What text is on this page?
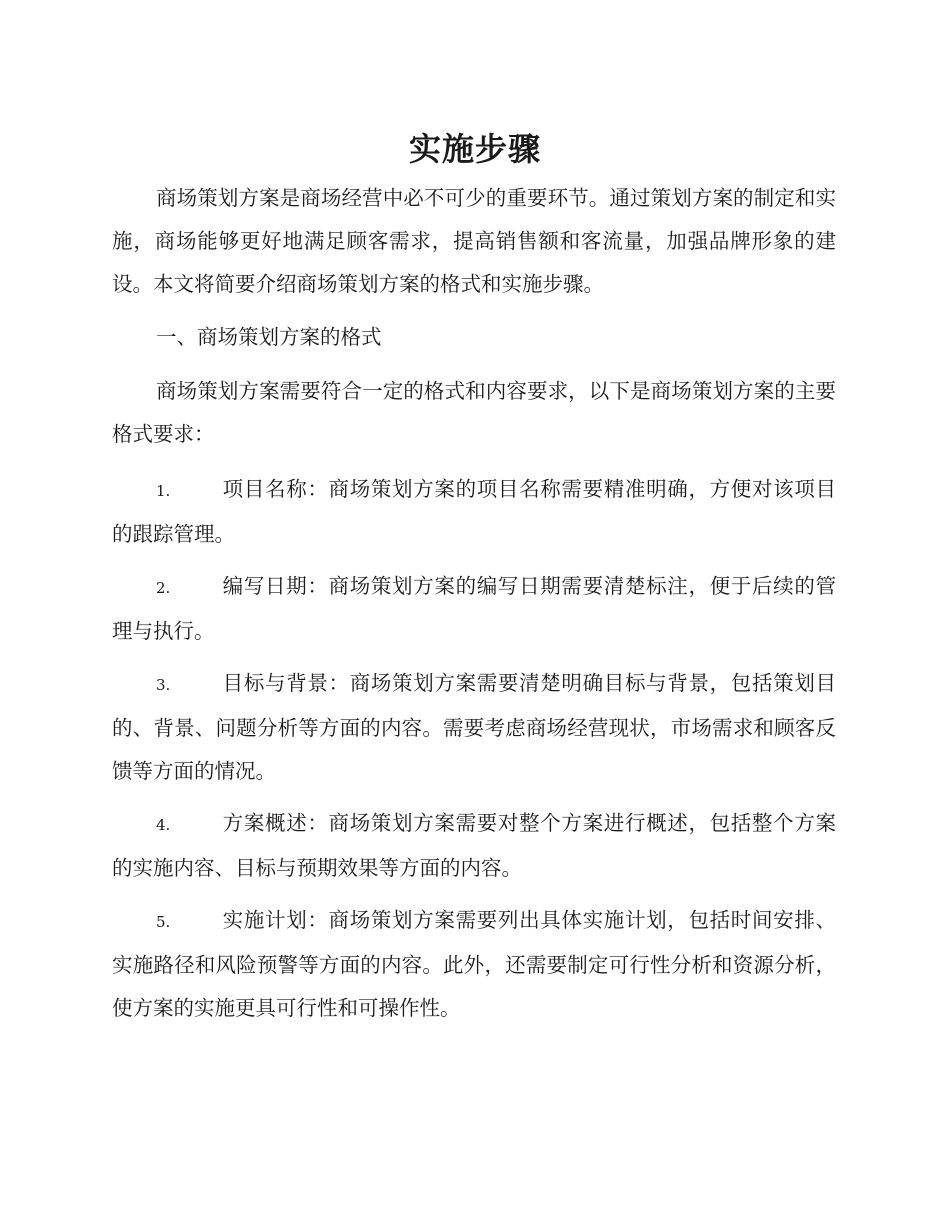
实施步骤

商场策划方案是商场经营中必不可少的重要环节。通过策划方案的制定和实施，商场能够更好地满足顾客需求，提高销售额和客流量，加强品牌形象的建设。本文将简要介绍商场策划方案的格式和实施步骤。

一、商场策划方案的格式

商场策划方案需要符合一定的格式和内容要求，以下是商场策划方案的主要格式要求：

1.	项目名称：商场策划方案的项目名称需要精准明确，方便对该项目的跟踪管理。

2.	编写日期：商场策划方案的编写日期需要清楚标注，便于后续的管理与执行。

3.	目标与背景：商场策划方案需要清楚明确目标与背景，包括策划目的、背景、问题分析等方面的内容。需要考虑商场经营现状，市场需求和顾客反馈等方面的情况。

4.	方案概述：商场策划方案需要对整个方案进行概述，包括整个方案的实施内容、目标与预期效果等方面的内容。

5.	实施计划：商场策划方案需要列出具体实施计划，包括时间安排、实施路径和风险预警等方面的内容。此外，还需要制定可行性分析和资源分析，使方案的实施更具可行性和可操作性。
